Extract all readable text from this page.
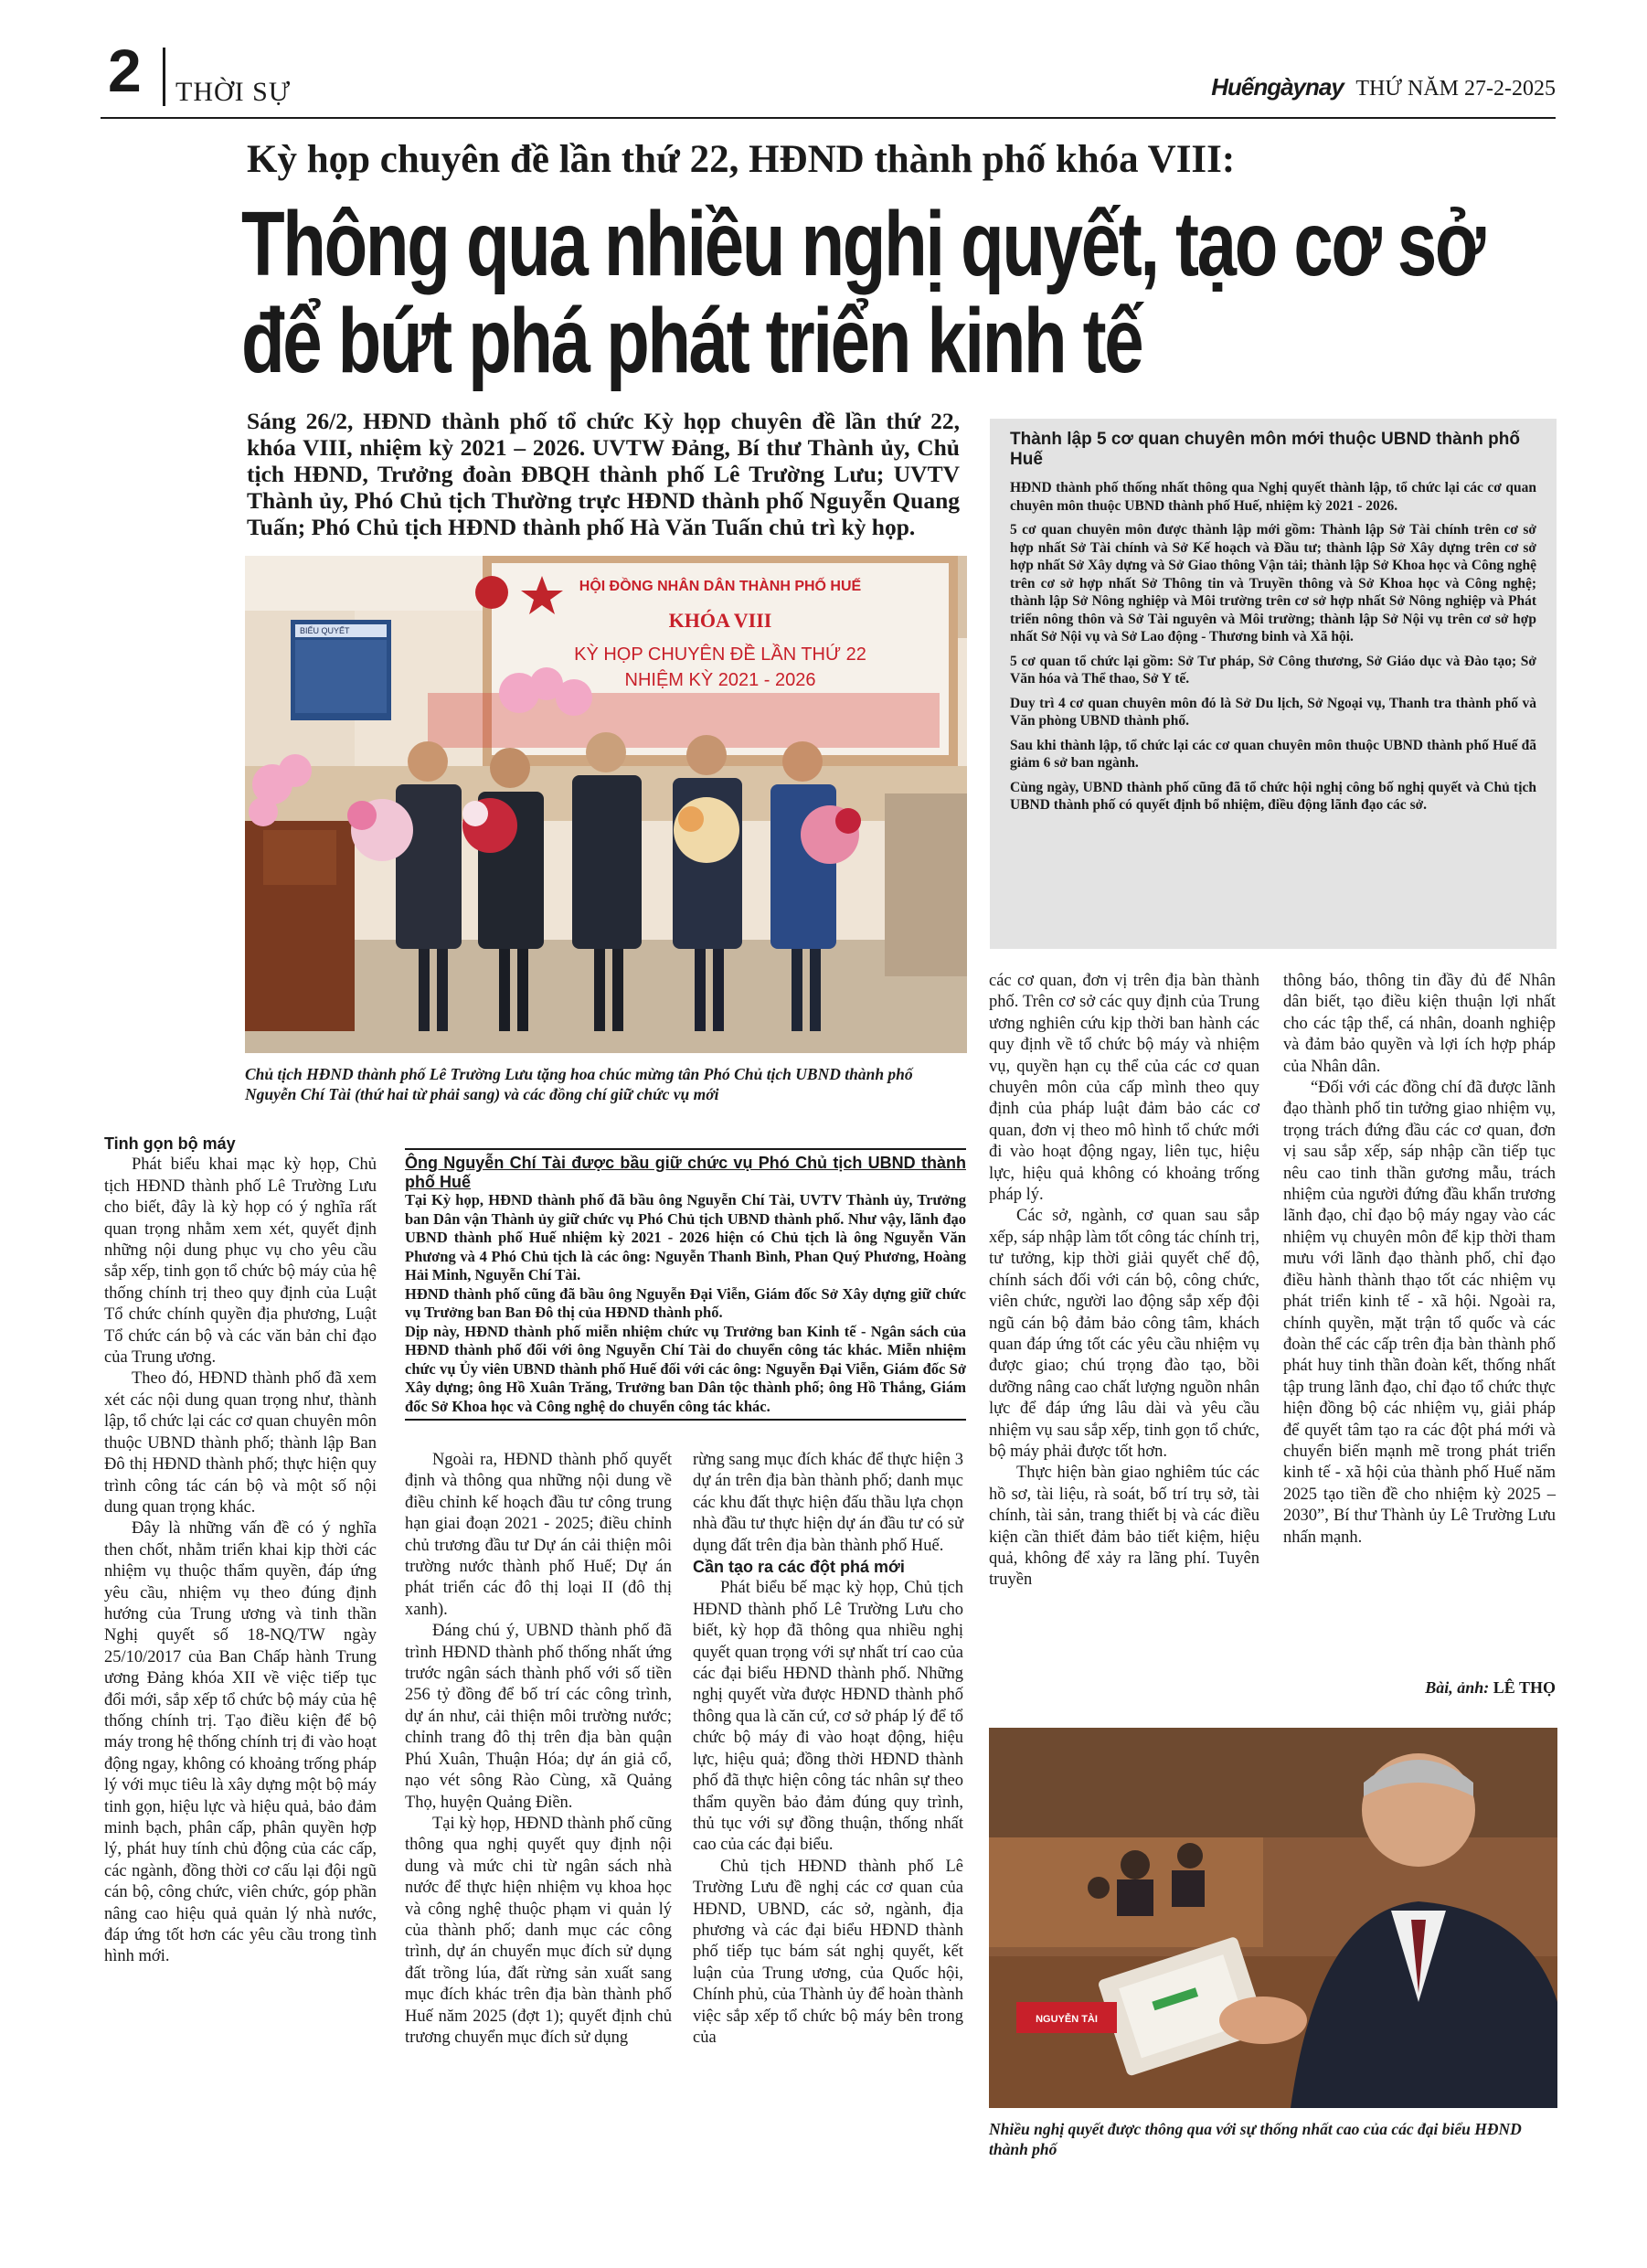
2 THỜI SỰ	Huếngàynay THỨ NĂM 27-2-2025
Kỳ họp chuyên đề lần thứ 22, HĐND thành phố khóa VIII:
Thông qua nhiều nghị quyết, tạo cơ sở
để bứt phá phát triển kinh tế
Sáng 26/2, HĐND thành phố tổ chức Kỳ họp chuyên đề lần thứ 22, khóa VIII, nhiệm kỳ 2021 – 2026. UVTW Đảng, Bí thư Thành ủy, Chủ tịch HĐND, Trưởng đoàn ĐBQH thành phố Lê Trường Lưu; UVTV Thành ủy, Phó Chủ tịch Thường trực HĐND thành phố Nguyễn Quang Tuấn; Phó Chủ tịch HĐND thành phố Hà Văn Tuấn chủ trì kỳ họp.
BIỂU QUYẾT
HỘI ĐỒNG NHÂN DÂN THÀNH PHỐ HUẾ
KHÓA VIII
KỲ HỌP CHUYÊN ĐỀ LẦN THỨ 22
NHIỆM KỲ 2021 - 2026
Chủ tịch HĐND thành phố Lê Trường Lưu tặng hoa chúc mừng tân Phó Chủ tịch UBND thành phố Nguyễn Chí Tài (thứ hai từ phải sang) và các đồng chí giữ chức vụ mới
Thành lập 5 cơ quan chuyên môn mới thuộc UBND thành phố Huế

HĐND thành phố thống nhất thông qua Nghị quyết thành lập, tổ chức lại các cơ quan chuyên môn thuộc UBND thành phố Huế, nhiệm kỳ 2021 - 2026.

5 cơ quan chuyên môn được thành lập mới gồm: Thành lập Sở Tài chính trên cơ sở hợp nhất Sở Tài chính và Sở Kế hoạch và Đầu tư; thành lập Sở Xây dựng trên cơ sở hợp nhất Sở Xây dựng và Sở Giao thông Vận tải; thành lập Sở Khoa học và Công nghệ trên cơ sở hợp nhất Sở Thông tin và Truyền thông và Sở Khoa học và Công nghệ; thành lập Sở Nông nghiệp và Môi trường trên cơ sở hợp nhất Sở Nông nghiệp và Phát triển nông thôn và Sở Tài nguyên và Môi trường; thành lập Sở Nội vụ trên cơ sở hợp nhất Sở Nội vụ và Sở Lao động - Thương binh và Xã hội.

5 cơ quan tổ chức lại gồm: Sở Tư pháp, Sở Công thương, Sở Giáo dục và Đào tạo; Sở Văn hóa và Thể thao, Sở Y tế.

Duy trì 4 cơ quan chuyên môn đó là Sở Du lịch, Sở Ngoại vụ, Thanh tra thành phố và Văn phòng UBND thành phố.

Sau khi thành lập, tổ chức lại các cơ quan chuyên môn thuộc UBND thành phố Huế đã giảm 6 sở ban ngành.

Cùng ngày, UBND thành phố cũng đã tổ chức hội nghị công bố nghị quyết và Chủ tịch UBND thành phố có quyết định bổ nhiệm, điều động lãnh đạo các sở.

Tinh gọn bộ máy

Phát biểu khai mạc kỳ họp, Chủ tịch HĐND thành phố Lê Trường Lưu cho biết, đây là kỳ họp có ý nghĩa rất quan trọng nhằm xem xét, quyết định những nội dung phục vụ cho yêu cầu sắp xếp, tinh gọn tổ chức bộ máy của hệ thống chính trị theo quy định của Luật Tổ chức chính quyền địa phương, Luật Tổ chức cán bộ và các văn bản chỉ đạo của Trung ương.

Theo đó, HĐND thành phố đã xem xét các nội dung quan trọng như, thành lập, tổ chức lại các cơ quan chuyên môn thuộc UBND thành phố; thành lập Ban Đô thị HĐND thành phố; thực hiện quy trình công tác cán bộ và một số nội dung quan trọng khác.

Đây là những vấn đề có ý nghĩa then chốt, nhằm triển khai kịp thời các nhiệm vụ thuộc thẩm quyền, đáp ứng yêu cầu, nhiệm vụ theo đúng định hướng của Trung ương và tinh thần Nghị quyết số 18-NQ/TW ngày 25/10/2017 của Ban Chấp hành Trung ương Đảng khóa XII về việc tiếp tục đổi mới, sắp xếp tổ chức bộ máy của hệ thống chính trị. Tạo điều kiện để bộ máy trong hệ thống chính trị đi vào hoạt động ngay, không có khoảng trống pháp lý với mục tiêu là xây dựng một bộ máy tinh gọn, hiệu lực và hiệu quả, bảo đảm minh bạch, phân cấp, phân quyền hợp lý, phát huy tính chủ động của các cấp, các ngành, đồng thời cơ cấu lại đội ngũ cán bộ, công chức, viên chức, góp phần nâng cao hiệu quả quản lý nhà nước, đáp ứng tốt hơn các yêu cầu trong tình hình mới.

Ông Nguyễn Chí Tài được bầu giữ chức vụ Phó Chủ tịch UBND thành phố Huế
Tại Kỳ họp, HĐND thành phố đã bầu ông Nguyễn Chí Tài, UVTV Thành ủy, Trưởng ban Dân vận Thành ủy giữ chức vụ Phó Chủ tịch UBND thành phố. Như vậy, lãnh đạo UBND thành phố Huế nhiệm kỳ 2021 - 2026 hiện có Chủ tịch là ông Nguyễn Văn Phương và 4 Phó Chủ tịch là các ông: Nguyễn Thanh Bình, Phan Quý Phương, Hoàng Hải Minh, Nguyễn Chí Tài.
HĐND thành phố cũng đã bầu ông Nguyễn Đại Viễn, Giám đốc Sở Xây dựng giữ chức vụ Trưởng ban Ban Đô thị của HĐND thành phố.
Dịp này, HĐND thành phố miễn nhiệm chức vụ Trưởng ban Kinh tế - Ngân sách của HĐND thành phố đối với ông Nguyễn Chí Tài do chuyển công tác khác. Miễn nhiệm chức vụ Ủy viên UBND thành phố Huế đối với các ông: Nguyễn Đại Viễn, Giám đốc Sở Xây dựng; ông Hồ Xuân Trăng, Trưởng ban Dân tộc thành phố; ông Hồ Thắng, Giám đốc Sở Khoa học và Công nghệ do chuyển công tác khác.

Ngoài ra, HĐND thành phố quyết định và thông qua những nội dung về điều chỉnh kế hoạch đầu tư công trung hạn giai đoạn 2021 - 2025; điều chỉnh chủ trương đầu tư Dự án cải thiện môi trường nước thành phố Huế; Dự án phát triển các đô thị loại II (đô thị xanh).

Đáng chú ý, UBND thành phố đã trình HĐND thành phố thống nhất ứng trước ngân sách thành phố với số tiền 256 tỷ đồng để bố trí các công trình, dự án như, cải thiện môi trường nước; chỉnh trang đô thị trên địa bàn quận Phú Xuân, Thuận Hóa; dự án giả cổ, nạo vét sông Rào Cùng, xã Quảng Thọ, huyện Quảng Điền.

Tại kỳ họp, HĐND thành phố cũng thông qua nghị quyết quy định nội dung và mức chi từ ngân sách nhà nước để thực hiện nhiệm vụ khoa học và công nghệ thuộc phạm vi quản lý của thành phố; danh mục các công trình, dự án chuyển mục đích sử dụng đất trồng lúa, đất rừng sản xuất sang mục đích khác trên địa bàn thành phố Huế năm 2025 (đợt 1); quyết định chủ trương chuyển mục đích sử dụng

rừng sang mục đích khác để thực hiện 3 dự án trên địa bàn thành phố; danh mục các khu đất thực hiện đấu thầu lựa chọn nhà đầu tư thực hiện dự án đầu tư có sử dụng đất trên địa bàn thành phố Huế.

Cần tạo ra các đột phá mới

Phát biểu bế mạc kỳ họp, Chủ tịch HĐND thành phố Lê Trường Lưu cho biết, kỳ họp đã thông qua nhiều nghị quyết quan trọng với sự nhất trí cao của các đại biểu HĐND thành phố. Những nghị quyết vừa được HĐND thành phố thông qua là căn cứ, cơ sở pháp lý để tổ chức bộ máy đi vào hoạt động, hiệu lực, hiệu quả; đồng thời HĐND thành phố đã thực hiện công tác nhân sự theo thẩm quyền bảo đảm đúng quy trình, thủ tục với sự đồng thuận, thống nhất cao của các đại biểu.

Chủ tịch HĐND thành phố Lê Trường Lưu đề nghị các cơ quan của HĐND, UBND, các sở, ngành, địa phương và các đại biểu HĐND thành phố tiếp tục bám sát nghị quyết, kết luận của Trung ương, của Quốc hội, Chính phủ, của Thành ủy để hoàn thành việc sắp xếp tổ chức bộ máy bên trong của

các cơ quan, đơn vị trên địa bàn thành phố. Trên cơ sở các quy định của Trung ương nghiên cứu kịp thời ban hành các quy định về tổ chức bộ máy và nhiệm vụ, quyền hạn cụ thể của các cơ quan chuyên môn của cấp mình theo quy định của pháp luật đảm bảo các cơ quan, đơn vị theo mô hình tổ chức mới đi vào hoạt động ngay, liên tục, hiệu lực, hiệu quả không có khoảng trống pháp lý.

Các sở, ngành, cơ quan sau sắp xếp, sáp nhập làm tốt công tác chính trị, tư tưởng, kịp thời giải quyết chế độ, chính sách đối với cán bộ, công chức, viên chức, người lao động sắp xếp đội ngũ cán bộ đảm bảo công tâm, khách quan đáp ứng tốt các yêu cầu nhiệm vụ được giao; chú trọng đào tạo, bồi dưỡng nâng cao chất lượng nguồn nhân lực để đáp ứng lâu dài và yêu cầu nhiệm vụ sau sắp xếp, tinh gọn tổ chức, bộ máy phải được tốt hơn.

Thực hiện bàn giao nghiêm túc các hồ sơ, tài liệu, rà soát, bố trí trụ sở, tài chính, tài sản, trang thiết bị và các điều kiện cần thiết đảm bảo tiết kiệm, hiệu quả, không để xảy ra lãng phí. Tuyên truyền

thông báo, thông tin đầy đủ để Nhân dân biết, tạo điều kiện thuận lợi nhất cho các tập thể, cá nhân, doanh nghiệp và đảm bảo quyền và lợi ích hợp pháp của Nhân dân.

“Đối với các đồng chí đã được lãnh đạo thành phố tin tưởng giao nhiệm vụ, trọng trách đứng đầu các cơ quan, đơn vị sau sắp xếp, sáp nhập cần tiếp tục nêu cao tinh thần gương mẫu, trách nhiệm của người đứng đầu khẩn trương lãnh đạo, chỉ đạo bộ máy ngay vào các nhiệm vụ chuyên môn để kịp thời tham mưu với lãnh đạo thành phố, chỉ đạo điều hành thành thạo tốt các nhiệm vụ phát triển kinh tế - xã hội. Ngoài ra, chính quyền, mặt trận tổ quốc và các đoàn thể các cấp trên địa bàn thành phố phát huy tinh thần đoàn kết, thống nhất tập trung lãnh đạo, chỉ đạo tổ chức thực hiện đồng bộ các nhiệm vụ, giải pháp để quyết tâm tạo ra các đột phá mới và chuyển biến mạnh mẽ trong phát triển kinh tế - xã hội của thành phố Huế năm 2025 tạo tiền đề cho nhiệm kỳ 2025 – 2030”, Bí thư Thành ủy Lê Trường Lưu nhấn mạnh.

Bài, ảnh: LÊ THỌ
NGUYỄN TÀI
Nhiều nghị quyết được thông qua với sự thống nhất cao của các đại biểu HĐND thành phố
